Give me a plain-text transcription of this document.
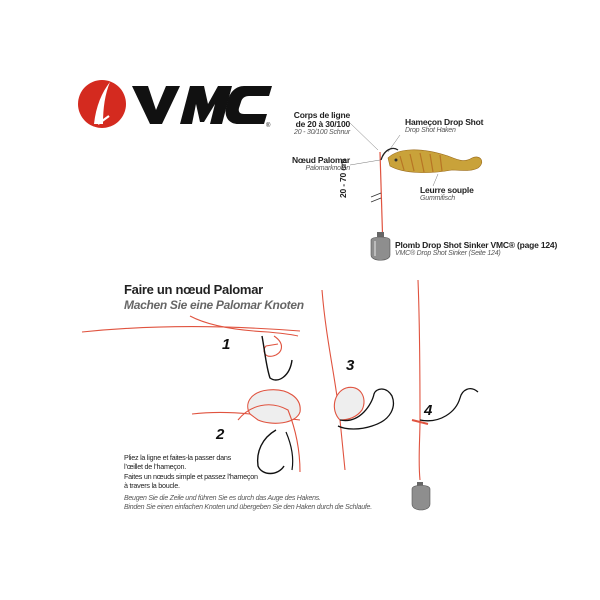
®
Corps de ligne
de 20 à 30/100
20 - 30/100 Schnur
Nœud Palomar
Palomarknoten
Hameçon Drop Shot
Drop Shot Haken
Leurre souple
Gummifisch
Plomb Drop Shot Sinker VMC® (page 124)
VMC® Drop Shot Sinker (Seite 124)
20 - 70 cm
Faire un nœud Palomar
Machen Sie eine Palomar Knoten
1
2
3
4
Pliez la ligne et faites-la passer dans
l’œillet de l’hameçon.
Faites un nœuds simple et passez l’hameçon
à travers la boucle.
Beugen Sie die Zeile und führen Sie es durch das Auge des Hakens.
Binden Sie einen einfachen Knoten und übergeben Sie den Haken durch die Schlaufe.
